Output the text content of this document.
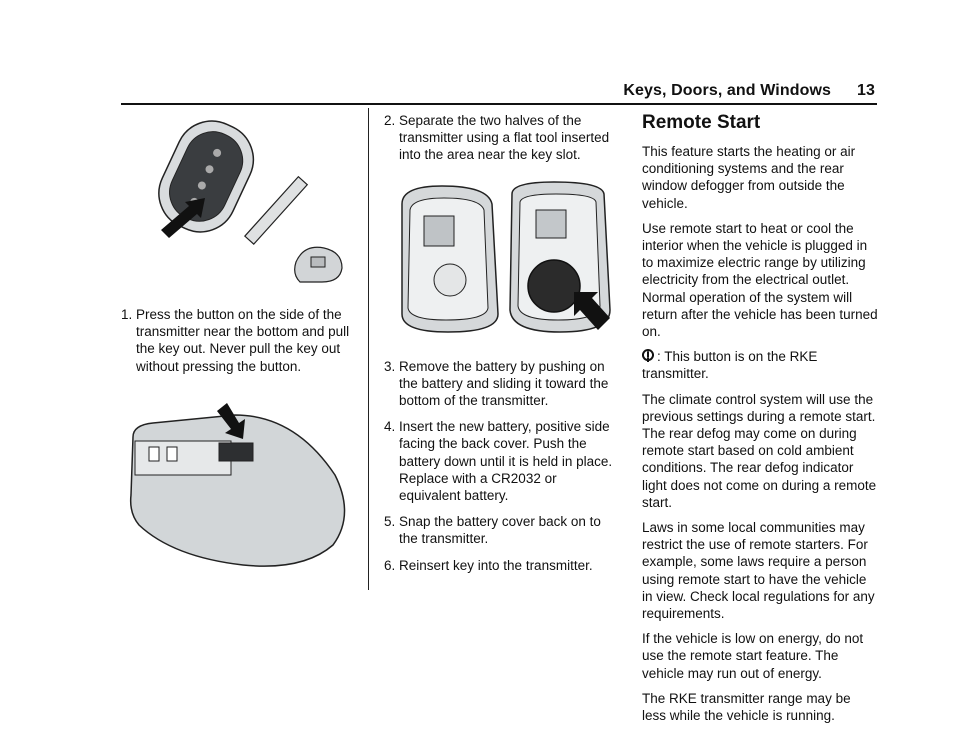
Keys, Doors, and Windows 13
1. Press the button on the side of the transmitter near the bottom and pull the key out. Never pull the key out without pressing the button.
2. Separate the two halves of the transmitter using a flat tool inserted into the area near the key slot.
3. Remove the battery by pushing on the battery and sliding it toward the bottom of the transmitter.
4. Insert the new battery, positive side facing the back cover. Push the battery down until it is held in place. Replace with a CR2032 or equivalent battery.
5. Snap the battery cover back on to the transmitter.
6. Reinsert key into the transmitter.
Remote Start

This feature starts the heating or air conditioning systems and the rear window defogger from outside the vehicle.

Use remote start to heat or cool the interior when the vehicle is plugged in to maximize electric range by utilizing electricity from the electrical outlet. Normal operation of the system will return after the vehicle has been turned on.

: This button is on the RKE transmitter.

The climate control system will use the previous settings during a remote start. The rear defog may come on during remote start based on cold ambient conditions. The rear defog indicator light does not come on during a remote start.

Laws in some local communities may restrict the use of remote starters. For example, some laws require a person using remote start to have the vehicle in view. Check local regulations for any requirements.

If the vehicle is low on energy, do not use the remote start feature. The vehicle may run out of energy.

The RKE transmitter range may be less while the vehicle is running.
